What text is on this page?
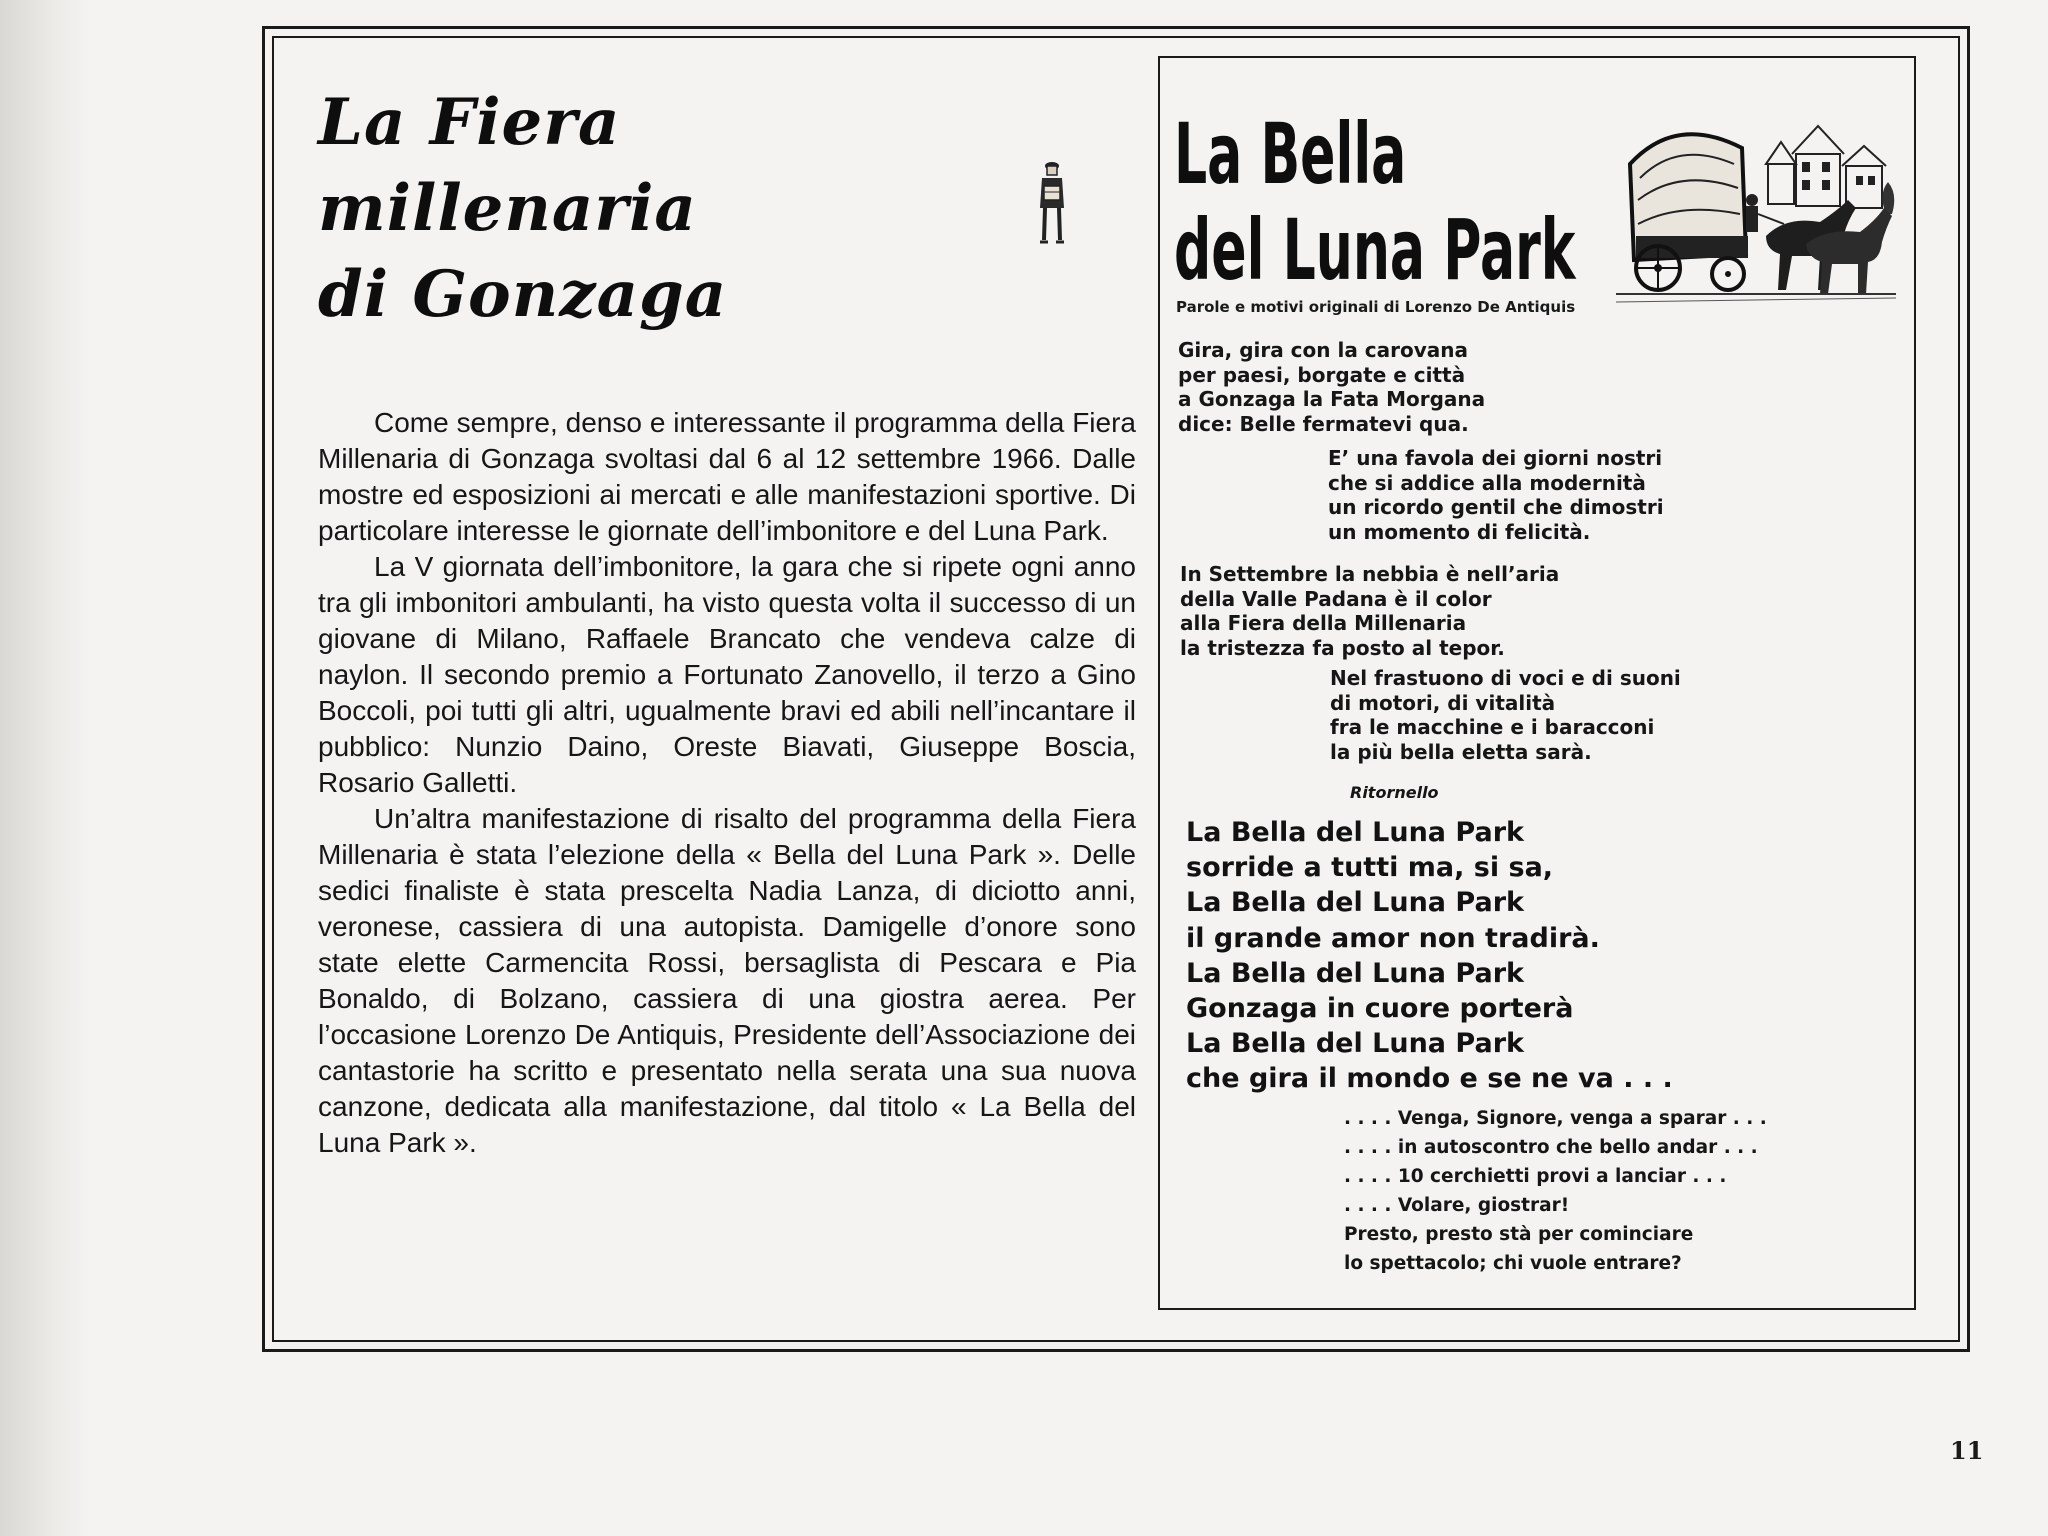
La Fiera
millenaria
di Gonzaga

Come sempre, denso e interessante il programma della Fiera Millenaria di Gonzaga svoltasi dal 6 al 12 settembre 1966. Dalle mostre ed esposizioni ai mercati e alle manifestazioni sportive. Di particolare interesse le giornate dell’imbonitore e del Luna Park.

La V giornata dell’imbonitore, la gara che si ripete ogni anno tra gli imbonitori ambulanti, ha visto questa volta il successo di un giovane di Milano, Raffaele Brancato che vendeva calze di naylon. Il secondo premio a Fortunato Zanovello, il terzo a Gino Boccoli, poi tutti gli altri, ugualmente bravi ed abili nell’incantare il pubblico: Nunzio Daino, Oreste Biavati, Giuseppe Boscia, Rosario Galletti.

Un’altra manifestazione di risalto del programma della Fiera Millenaria è stata l’elezione della « Bella del Luna Park ». Delle sedici finaliste è stata prescelta Nadia Lanza, di diciotto anni, veronese, cassiera di una autopista. Damigelle d’onore sono state elette Carmencita Rossi, bersaglista di Pescara e Pia Bonaldo, di Bolzano, cassiera di una giostra aerea. Per l’occasione Lorenzo De Antiquis, Presidente dell’Associazione dei cantastorie ha scritto e presentato nella serata una sua nuova canzone, dedicata alla manifestazione, dal titolo « La Bella del Luna Park ».

La Bella
del Luna Park
Parole e motivi originali di Lorenzo De Antiquis
Gira, gira con la carovana
per paesi, borgate e città
a Gonzaga la Fata Morgana
dice: Belle fermatevi qua.
E’ una favola dei giorni nostri
che si addice alla modernità
un ricordo gentil che dimostri
un momento di felicità.
In Settembre la nebbia è nell’aria
della Valle Padana è il color
alla Fiera della Millenaria
la tristezza fa posto al tepor.
Nel frastuono di voci e di suoni
di motori, di vitalità
fra le macchine e i baracconi
la più bella eletta sarà.
Ritornello
La Bella del Luna Park
sorride a tutti ma, si sa,
La Bella del Luna Park
il grande amor non tradirà.
La Bella del Luna Park
Gonzaga in cuore porterà
La Bella del Luna Park
che gira il mondo e se ne va . . .
. . . . Venga, Signore, venga a sparar . . .
. . . . in autoscontro che bello andar . . .
. . . . 10 cerchietti provi a lanciar . . .
. . . . Volare, giostrar!
Presto, presto stà per cominciare
lo spettacolo; chi vuole entrare?
11
